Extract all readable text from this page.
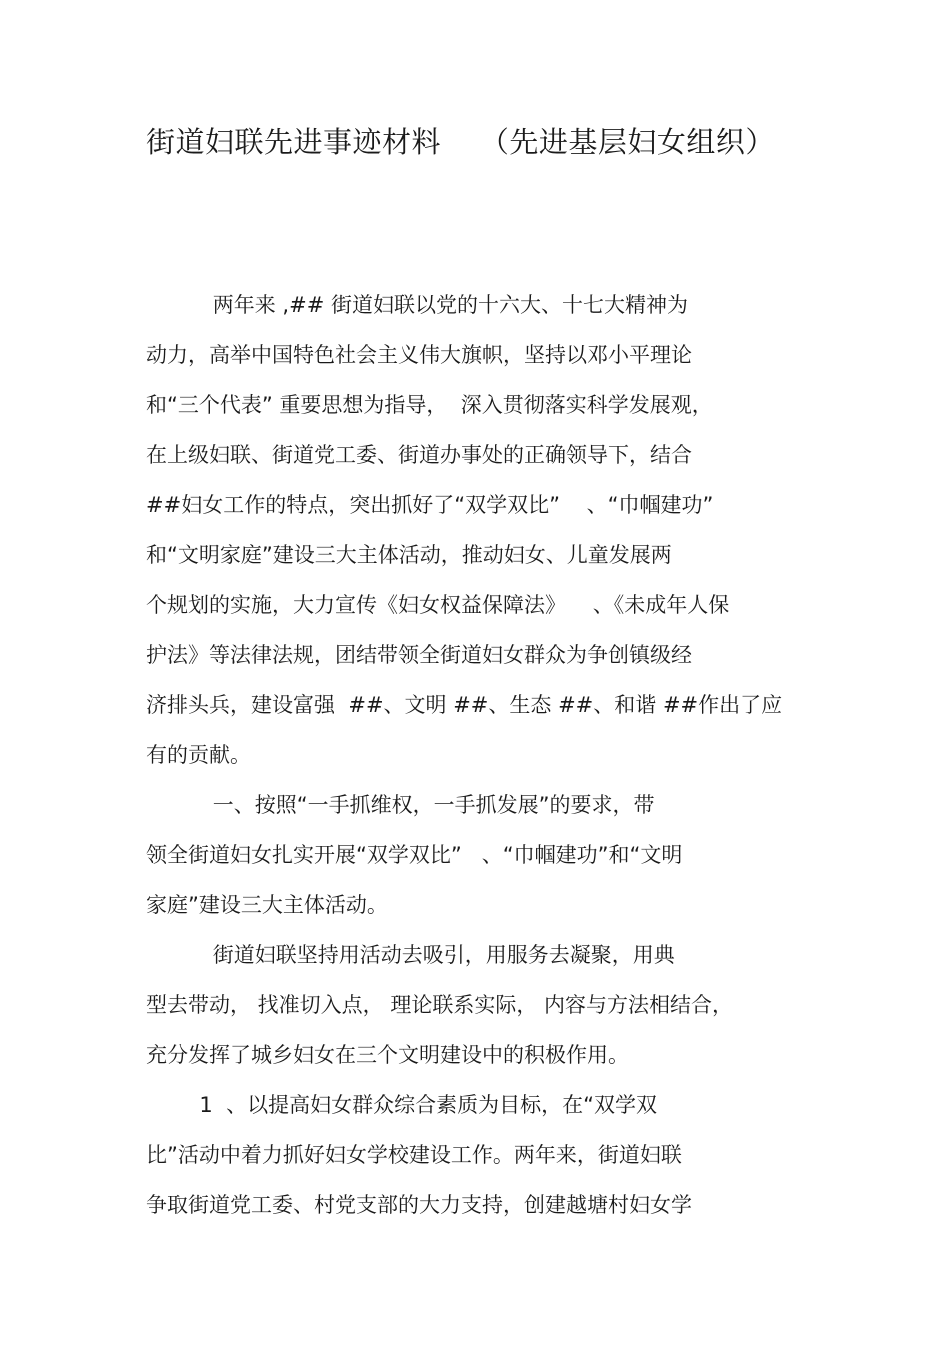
街道妇联先进事迹材料    （先进基层妇女组织）
两年来 ,## 街道妇联以党的十六大、十七大精神为
动力，高举中国特色社会主义伟大旗帜，坚持以邓小平理论
和“三个代表” 重要思想为指导，  深入贯彻落实科学发展观，
在上级妇联、街道党工委、街道办事处的正确领导下，结合
##妇女工作的特点，突出抓好了“双学双比”    、“巾帼建功”
和“文明家庭”建设三大主体活动，推动妇女、儿童发展两
个规划的实施，大力宣传《妇女权益保障法》    、《未成年人保
护法》等法律法规，团结带领全街道妇女群众为争创镇级经
济排头兵，建设富强  ##、文明 ##、生态 ##、和谐 ##作出了应
有的贡献。
一、按照“一手抓维权，一手抓发展”的要求，带
领全街道妇女扎实开展“双学双比”   、“巾帼建功”和“文明
家庭”建设三大主体活动。
街道妇联坚持用活动去吸引，用服务去凝聚，用典
型去带动， 找准切入点， 理论联系实际， 内容与方法相结合，
充分发挥了城乡妇女在三个文明建设中的积极作用。
1  、以提高妇女群众综合素质为目标，在“双学双
比”活动中着力抓好妇女学校建设工作。两年来，街道妇联
争取街道党工委、村党支部的大力支持，创建越塘村妇女学
